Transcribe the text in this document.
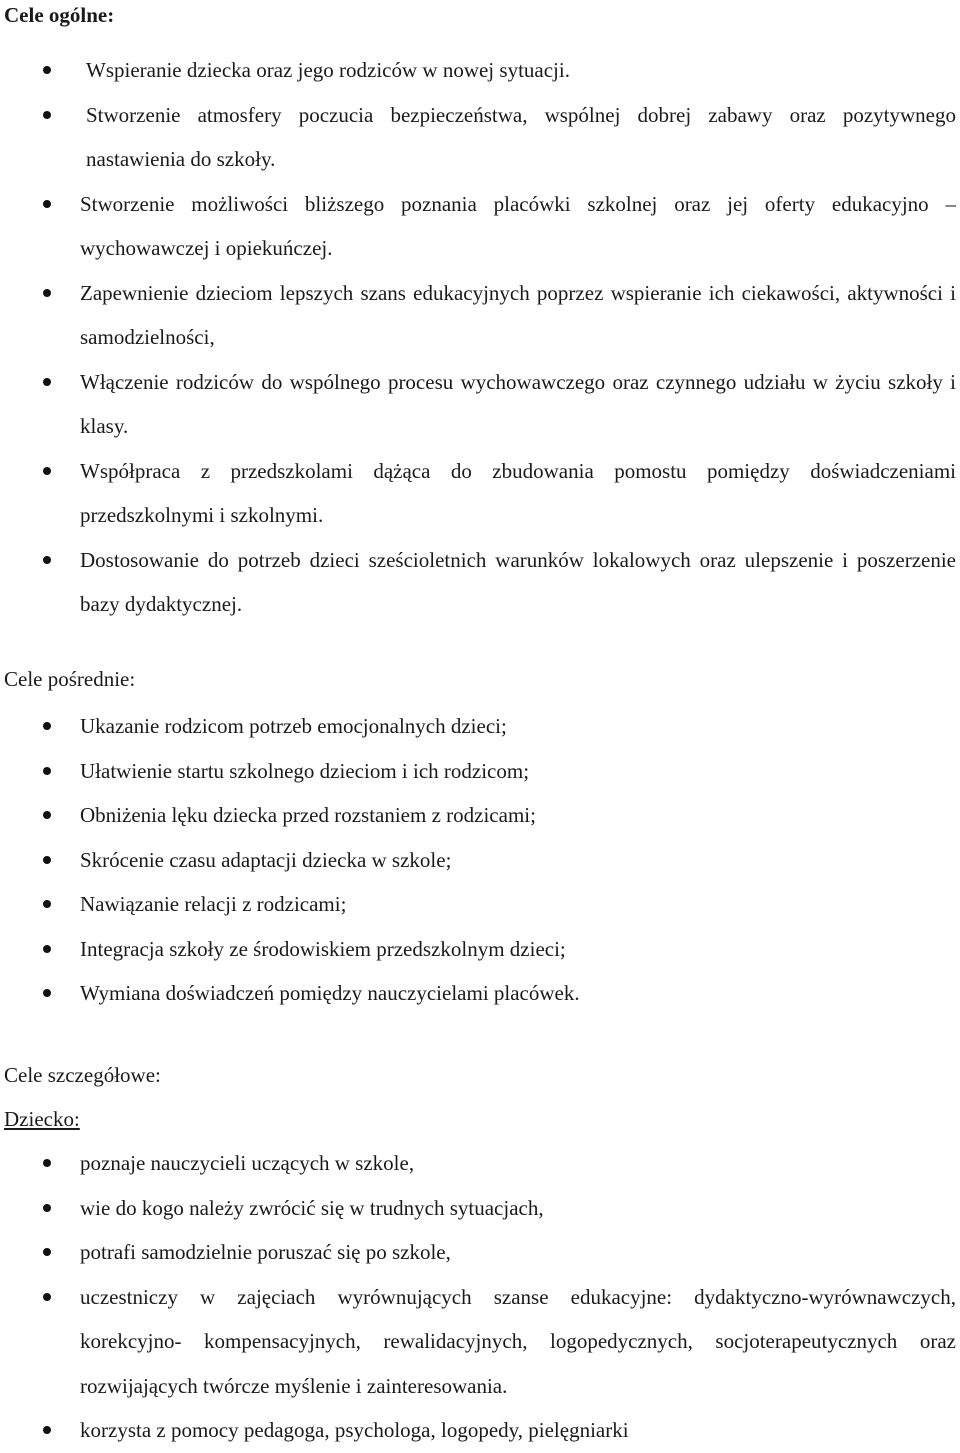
Cele ogólne:
Wspieranie dziecka oraz jego rodziców w nowej sytuacji.
Stworzenie atmosfery poczucia bezpieczeństwa, wspólnej dobrej zabawy oraz pozytywnego nastawienia do szkoły.
Stworzenie możliwości bliższego poznania placówki szkolnej oraz jej oferty edukacyjno – wychowawczej i opiekuńczej.
Zapewnienie dzieciom lepszych szans edukacyjnych poprzez wspieranie ich ciekawości, aktywności i samodzielności,
Włączenie rodziców do wspólnego procesu wychowawczego oraz czynnego udziału w życiu szkoły i klasy.
Współpraca z przedszkolami dążąca do zbudowania pomostu pomiędzy doświadczeniami przedszkolnymi i szkolnymi.
Dostosowanie do potrzeb dzieci sześcioletnich warunków lokalowych oraz ulepszenie i poszerzenie bazy dydaktycznej.
Cele pośrednie:
Ukazanie rodzicom potrzeb emocjonalnych dzieci;
Ułatwienie startu szkolnego dzieciom i ich rodzicom;
Obniżenia lęku dziecka przed rozstaniem z rodzicami;
Skrócenie czasu adaptacji dziecka w szkole;
Nawiązanie relacji z rodzicami;
Integracja szkoły ze środowiskiem przedszkolnym dzieci;
Wymiana doświadczeń pomiędzy nauczycielami placówek.
Cele szczegółowe:
Dziecko:
poznaje nauczycieli uczących w szkole,
wie do kogo należy zwrócić się w trudnych sytuacjach,
potrafi samodzielnie poruszać się po szkole,
uczestniczy w zajęciach wyrównujących szanse edukacyjne: dydaktyczno-wyrównawczych, korekcyjno- kompensacyjnych, rewalidacyjnych, logopedycznych, socjoterapeutycznych oraz rozwijających twórcze myślenie i zainteresowania.
korzysta z pomocy pedagoga, psychologa, logopedy, pielęgniarki
